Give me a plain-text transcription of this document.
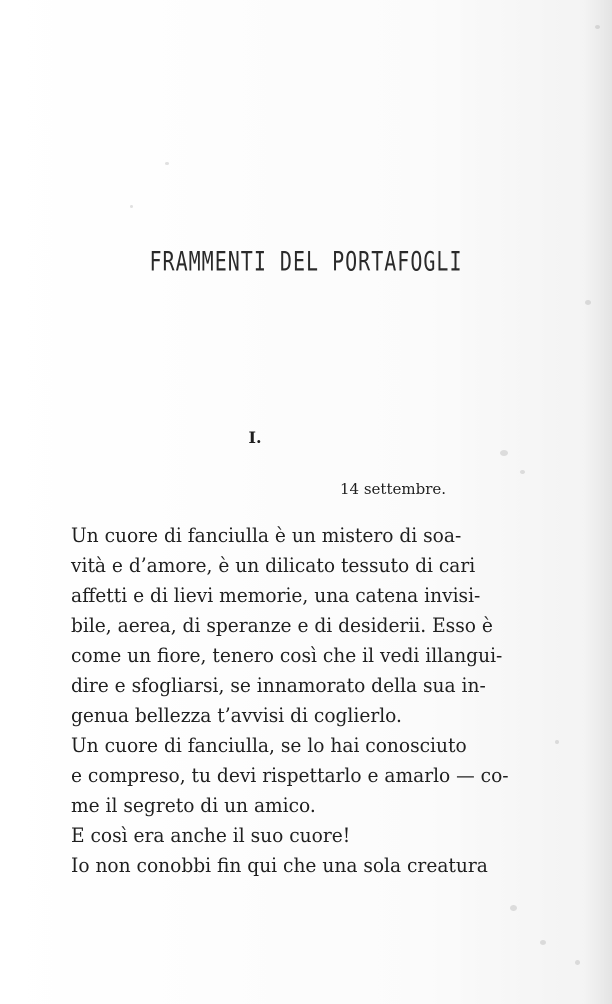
FRAMMENTI DEL PORTAFOGLI
I.
14 settembre.

Un cuore di fanciulla è un mistero di soa-
vità e d’amore, è un dilicato tessuto di cari
affetti e di lievi memorie, una catena invisi-
bile, aerea, di speranze e di desiderii. Esso è
come un fiore, tenero così che il vedi illangui-
dire e sfogliarsi, se innamorato della sua in-
genua bellezza t’avvisi di coglierlo.

Un cuore di fanciulla, se lo hai conosciuto
e compreso, tu devi rispettarlo e amarlo — co-
me il segreto di un amico.

E così era anche il suo cuore!

Io non conobbi fin qui che una sola creatura
